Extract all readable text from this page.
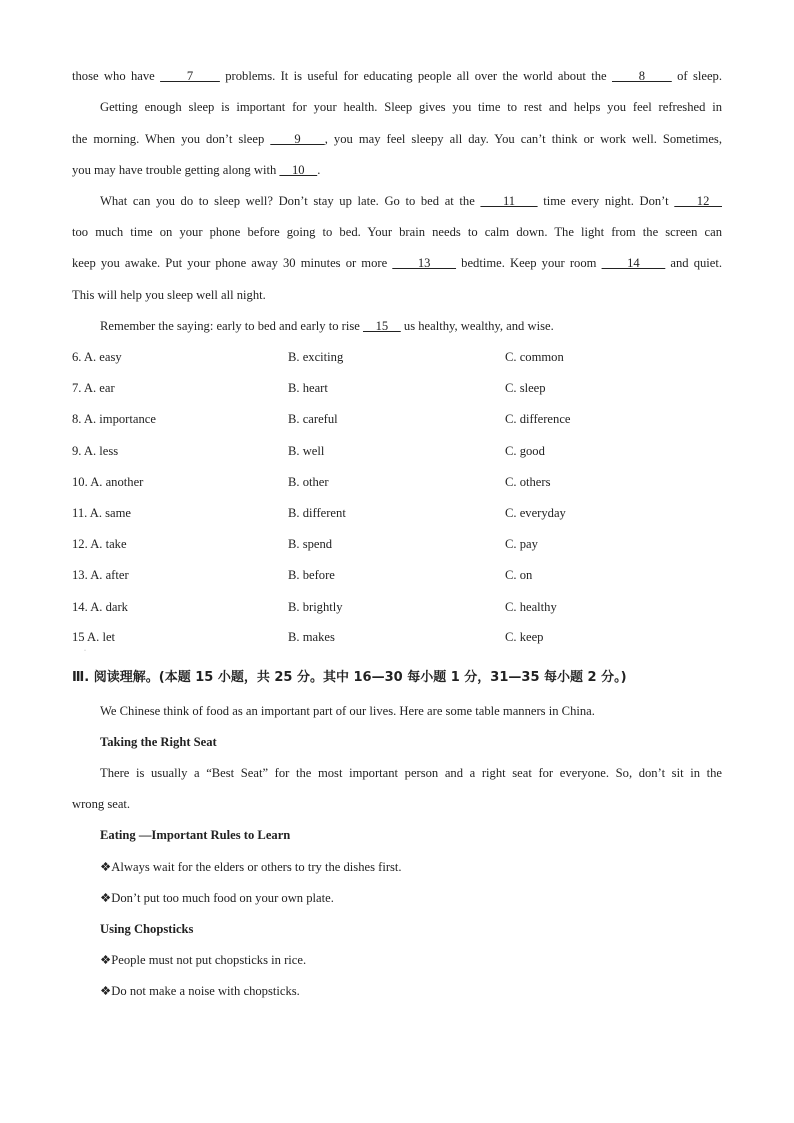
those who have      7      problems. It is useful for educating people all over the world about the      8      of sleep.
Getting enough sleep is important for your health. Sleep gives you time to rest and helps you feel refreshed in
the morning. When you don’t sleep     9    , you may feel sleepy all day. You can’t think or work well. Sometimes,
you may have trouble getting along with     10    .
What can you do to sleep well? Don’t stay up late. Go to bed at the     11     time every night. Don’t     12
too much time on your phone before going to bed. Your brain needs to calm down. The light from the screen can
keep you awake. Put your phone away 30 minutes or more      13      bedtime. Keep your room      14      and quiet.
This will help you sleep well all night.
Remember the saying: early to bed and early to rise     15     us healthy, wealthy, and wise.
6. A. easy	B. exciting	C. common
7. A. ear	B. heart	C. sleep
8. A. importance	B. careful	C. difference
9. A. less	B. well	C. good
10. A. another	B. other	C. others
11. A. same	B. different	C. everyday
12. A. take	B. spend	C. pay
13. A. after	B. before	C. on
14. A. dark	B. brightly	C. healthy
15 A. let	B. makes	C. keep
Ⅲ. 阅读理解。(本题 15 小题，共 25 分。其中 16—30 每小题 1 分，31—35 每小题 2 分。)
We Chinese think of food as an important part of our lives. Here are some table manners in China.
Taking the Right Seat
There is usually a “Best Seat” for the most important person and a right seat for everyone. So, don’t sit in the
wrong seat.
Eating —Important Rules to Learn
❖Always wait for the elders or others to try the dishes first.
❖Don’t put too much food on your own plate.
Using Chopsticks
❖People must not put chopsticks in rice.
❖Do not make a noise with chopsticks.
·
